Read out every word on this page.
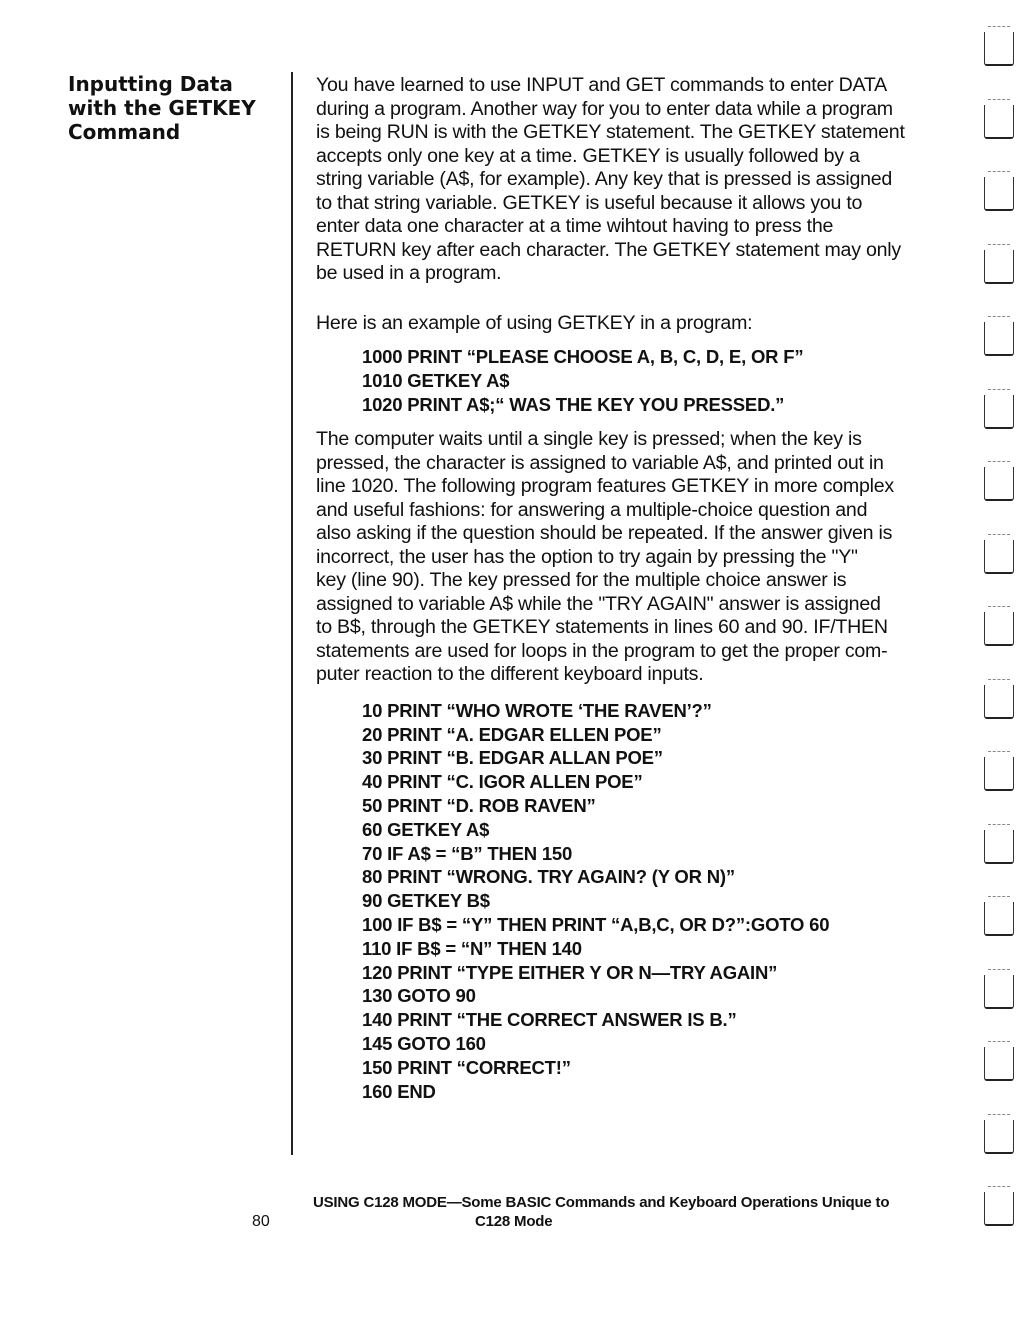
Inputting Data
with the GETKEY
Command

You have learned to use INPUT and GET commands to enter DATA
during a program. Another way for you to enter data while a program
is being RUN is with the GETKEY statement. The GETKEY statement
accepts only one key at a time. GETKEY is usually followed by a
string variable (A$, for example). Any key that is pressed is assigned
to that string variable. GETKEY is useful because it allows you to
enter data one character at a time wihtout having to press the
RETURN key after each character. The GETKEY statement may only
be used in a program.

Here is an example of using GETKEY in a program:

1000 PRINT “PLEASE CHOOSE A, B, C, D, E, OR F”
1010 GETKEY A$
1020 PRINT A$;“ WAS THE KEY YOU PRESSED.”

The computer waits until a single key is pressed; when the key is
pressed, the character is assigned to variable A$, and printed out in
line 1020. The following program features GETKEY in more complex
and useful fashions: for answering a multiple-choice question and
also asking if the question should be repeated. If the answer given is
incorrect, the user has the option to try again by pressing the "Y"
key (line 90). The key pressed for the multiple choice answer is
assigned to variable A$ while the "TRY AGAIN" answer is assigned
to B$, through the GETKEY statements in lines 60 and 90. IF/THEN
statements are used for loops in the program to get the proper com-
puter reaction to the different keyboard inputs.

10 PRINT “WHO WROTE ‘THE RAVEN’?”
20 PRINT “A. EDGAR ELLEN POE”
30 PRINT “B. EDGAR ALLAN POE”
40 PRINT “C. IGOR ALLEN POE”
50 PRINT “D. ROB RAVEN”
60 GETKEY A$
70 IF A$ = “B” THEN 150
80 PRINT “WRONG. TRY AGAIN? (Y OR N)”
90 GETKEY B$
100 IF B$ = “Y” THEN PRINT “A,B,C, OR D?”:GOTO 60
110 IF B$ = “N” THEN 140
120 PRINT “TYPE EITHER Y OR N—TRY AGAIN”
130 GOTO 90
140 PRINT “THE CORRECT ANSWER IS B.”
145 GOTO 160
150 PRINT “CORRECT!”
160 END
USING C128 MODE—Some BASIC Commands and Keyboard Operations Unique to
C128 Mode
80
